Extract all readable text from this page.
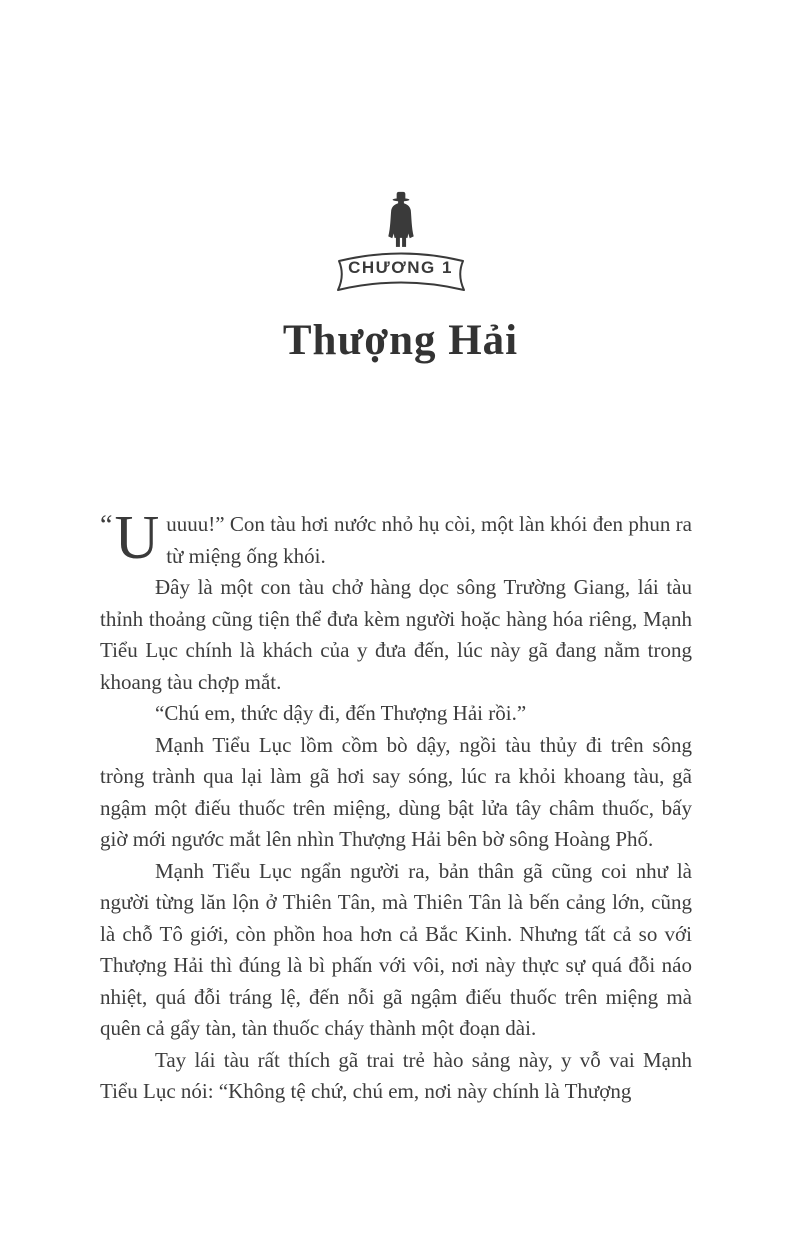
CHƯƠNG 1
Thượng Hải

“ U uuuu!” Con tàu hơi nước nhỏ hụ còi, một làn khói đen phun ra từ miệng ống khói.

Đây là một con tàu chở hàng dọc sông Trường Giang, lái tàu thỉnh thoảng cũng tiện thể đưa kèm người hoặc hàng hóa riêng, Mạnh Tiểu Lục chính là khách của y đưa đến, lúc này gã đang nằm trong khoang tàu chợp mắt.

“Chú em, thức dậy đi, đến Thượng Hải rồi.”

Mạnh Tiểu Lục lồm cồm bò dậy, ngồi tàu thủy đi trên sông tròng trành qua lại làm gã hơi say sóng, lúc ra khỏi khoang tàu, gã ngậm một điếu thuốc trên miệng, dùng bật lửa tây châm thuốc, bấy giờ mới ngước mắt lên nhìn Thượng Hải bên bờ sông Hoàng Phố.

Mạnh Tiểu Lục ngẩn người ra, bản thân gã cũng coi như là người từng lăn lộn ở Thiên Tân, mà Thiên Tân là bến cảng lớn, cũng là chỗ Tô giới, còn phồn hoa hơn cả Bắc Kinh. Nhưng tất cả so với Thượng Hải thì đúng là bì phấn với vôi, nơi này thực sự quá đỗi náo nhiệt, quá đỗi tráng lệ, đến nỗi gã ngậm điếu thuốc trên miệng mà quên cả gẩy tàn, tàn thuốc cháy thành một đoạn dài.

Tay lái tàu rất thích gã trai trẻ hào sảng này, y vỗ vai Mạnh Tiểu Lục nói: “Không tệ chứ, chú em, nơi này chính là Thượng
